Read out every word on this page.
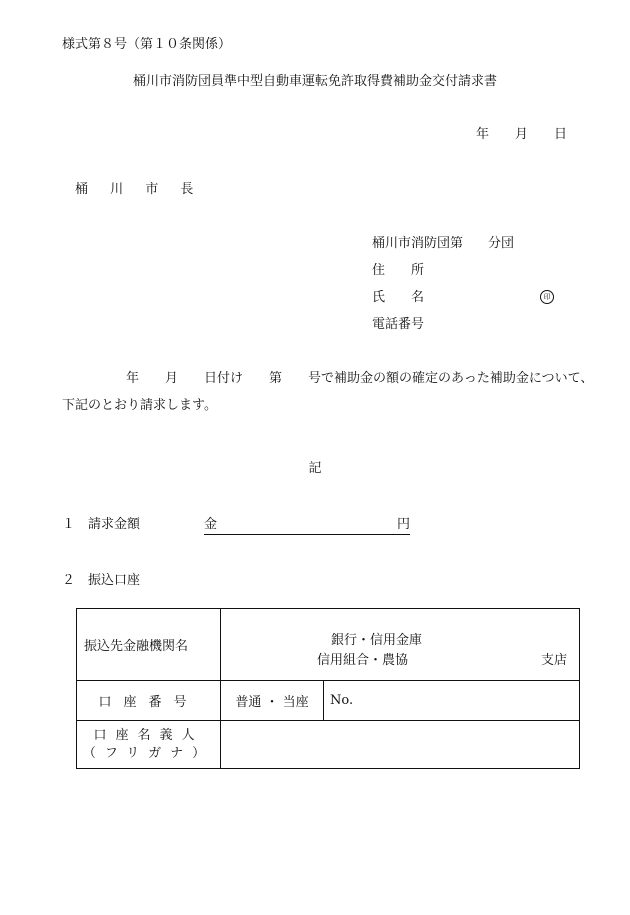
様式第８号（第１０条関係）
桶川市消防団員準中型自動車運転免許取得費補助金交付請求書
年 月 日
桶 川 市 長
桶川市消防団第 分団
住　　所
氏　　名	印
電話番号
年 月 日付け 第 号で補助金の額の確定のあった補助金について、
下記のとおり請求します。
記
１　請求金額	金	円
２　振込口座
振込先金融機関名	銀行・信用金庫
信用組合・農協 支店	

口座番号	普通 ・ 当座	No.

口座名義人
（フリガナ）		
